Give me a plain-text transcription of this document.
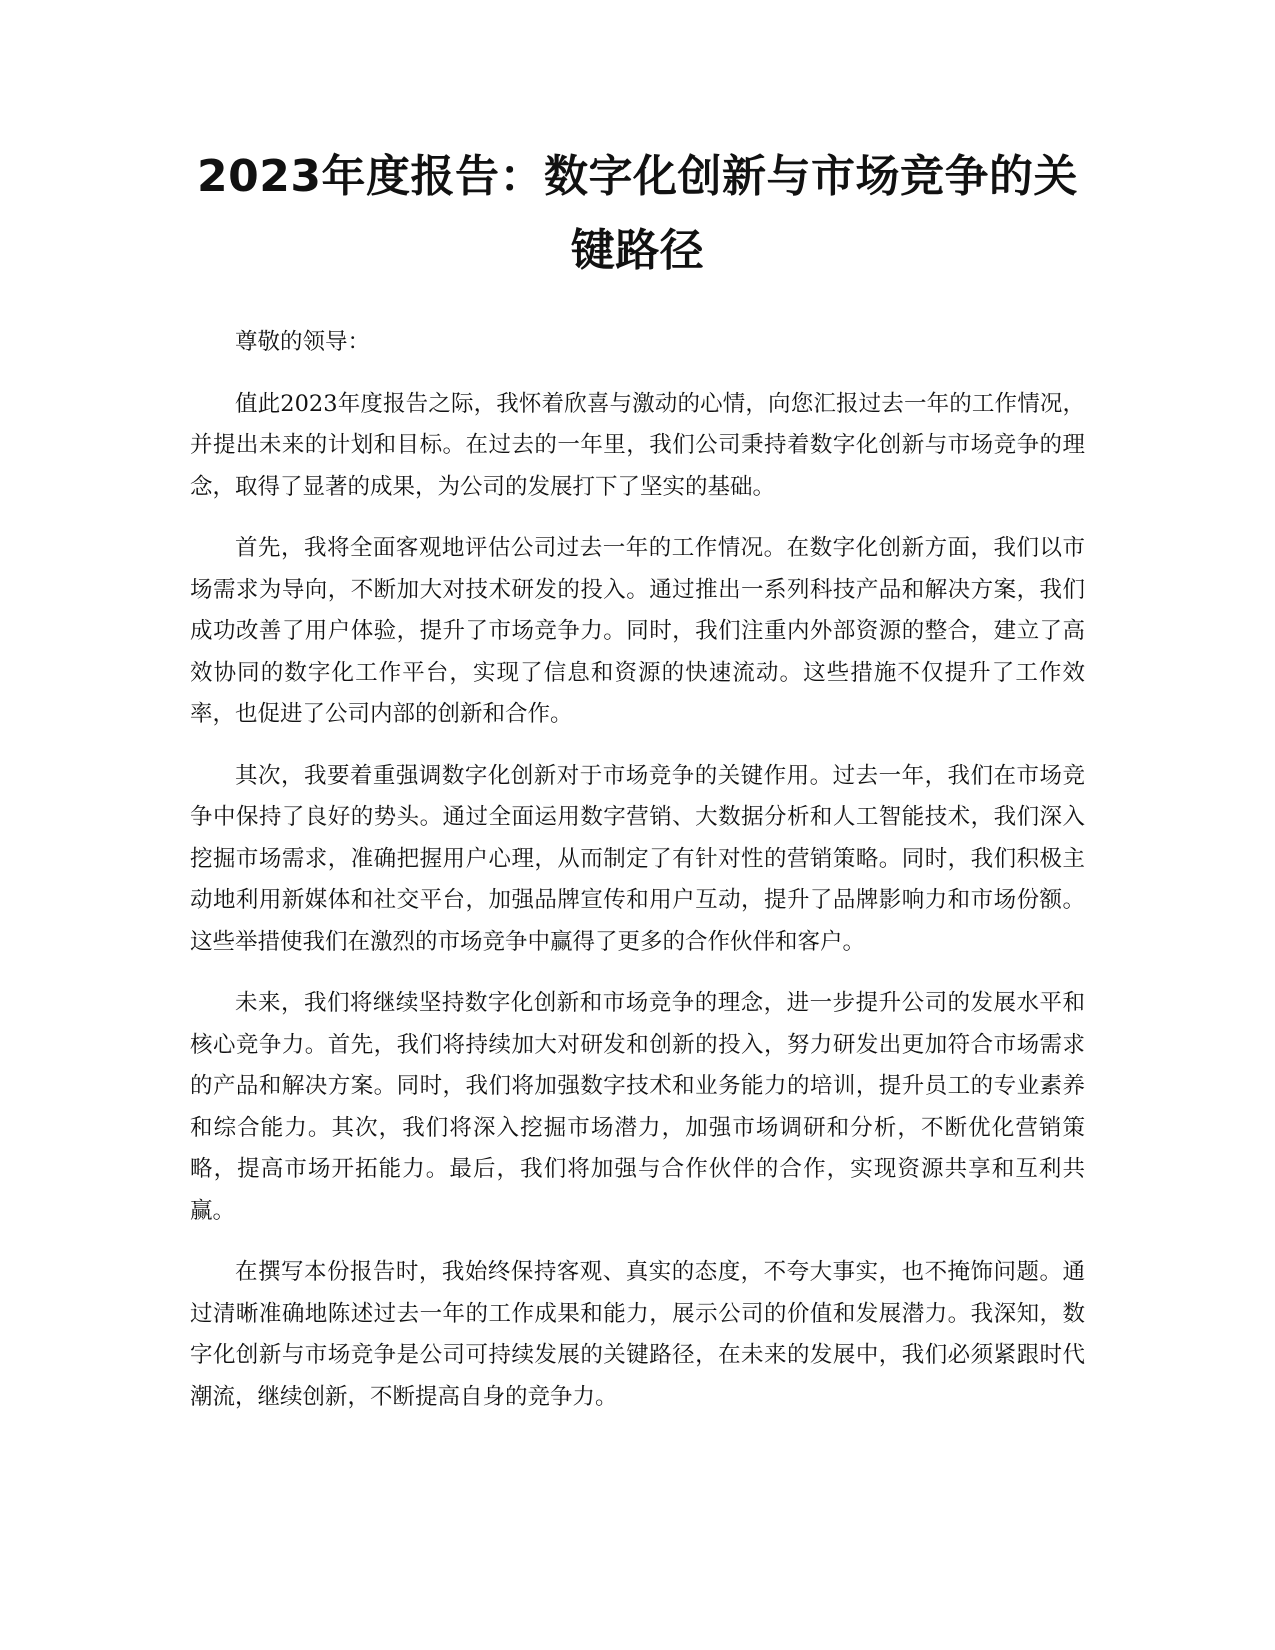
2023年度报告：数字化创新与市场竞争的关键路径

尊敬的领导：

值此2023年度报告之际，我怀着欣喜与激动的心情，向您汇报过去一年的工作情况，并提出未来的计划和目标。在过去的一年里，我们公司秉持着数字化创新与市场竞争的理念，取得了显著的成果，为公司的发展打下了坚实的基础。

首先，我将全面客观地评估公司过去一年的工作情况。在数字化创新方面，我们以市场需求为导向，不断加大对技术研发的投入。通过推出一系列科技产品和解决方案，我们成功改善了用户体验，提升了市场竞争力。同时，我们注重内外部资源的整合，建立了高效协同的数字化工作平台，实现了信息和资源的快速流动。这些措施不仅提升了工作效率，也促进了公司内部的创新和合作。

其次，我要着重强调数字化创新对于市场竞争的关键作用。过去一年，我们在市场竞争中保持了良好的势头。通过全面运用数字营销、大数据分析和人工智能技术，我们深入挖掘市场需求，准确把握用户心理，从而制定了有针对性的营销策略。同时，我们积极主动地利用新媒体和社交平台，加强品牌宣传和用户互动，提升了品牌影响力和市场份额。这些举措使我们在激烈的市场竞争中赢得了更多的合作伙伴和客户。

未来，我们将继续坚持数字化创新和市场竞争的理念，进一步提升公司的发展水平和核心竞争力。首先，我们将持续加大对研发和创新的投入，努力研发出更加符合市场需求的产品和解决方案。同时，我们将加强数字技术和业务能力的培训，提升员工的专业素养和综合能力。其次，我们将深入挖掘市场潜力，加强市场调研和分析，不断优化营销策略，提高市场开拓能力。最后，我们将加强与合作伙伴的合作，实现资源共享和互利共赢。

在撰写本份报告时，我始终保持客观、真实的态度，不夸大事实，也不掩饰问题。通过清晰准确地陈述过去一年的工作成果和能力，展示公司的价值和发展潜力。我深知，数字化创新与市场竞争是公司可持续发展的关键路径，在未来的发展中，我们必须紧跟时代潮流，继续创新，不断提高自身的竞争力。
